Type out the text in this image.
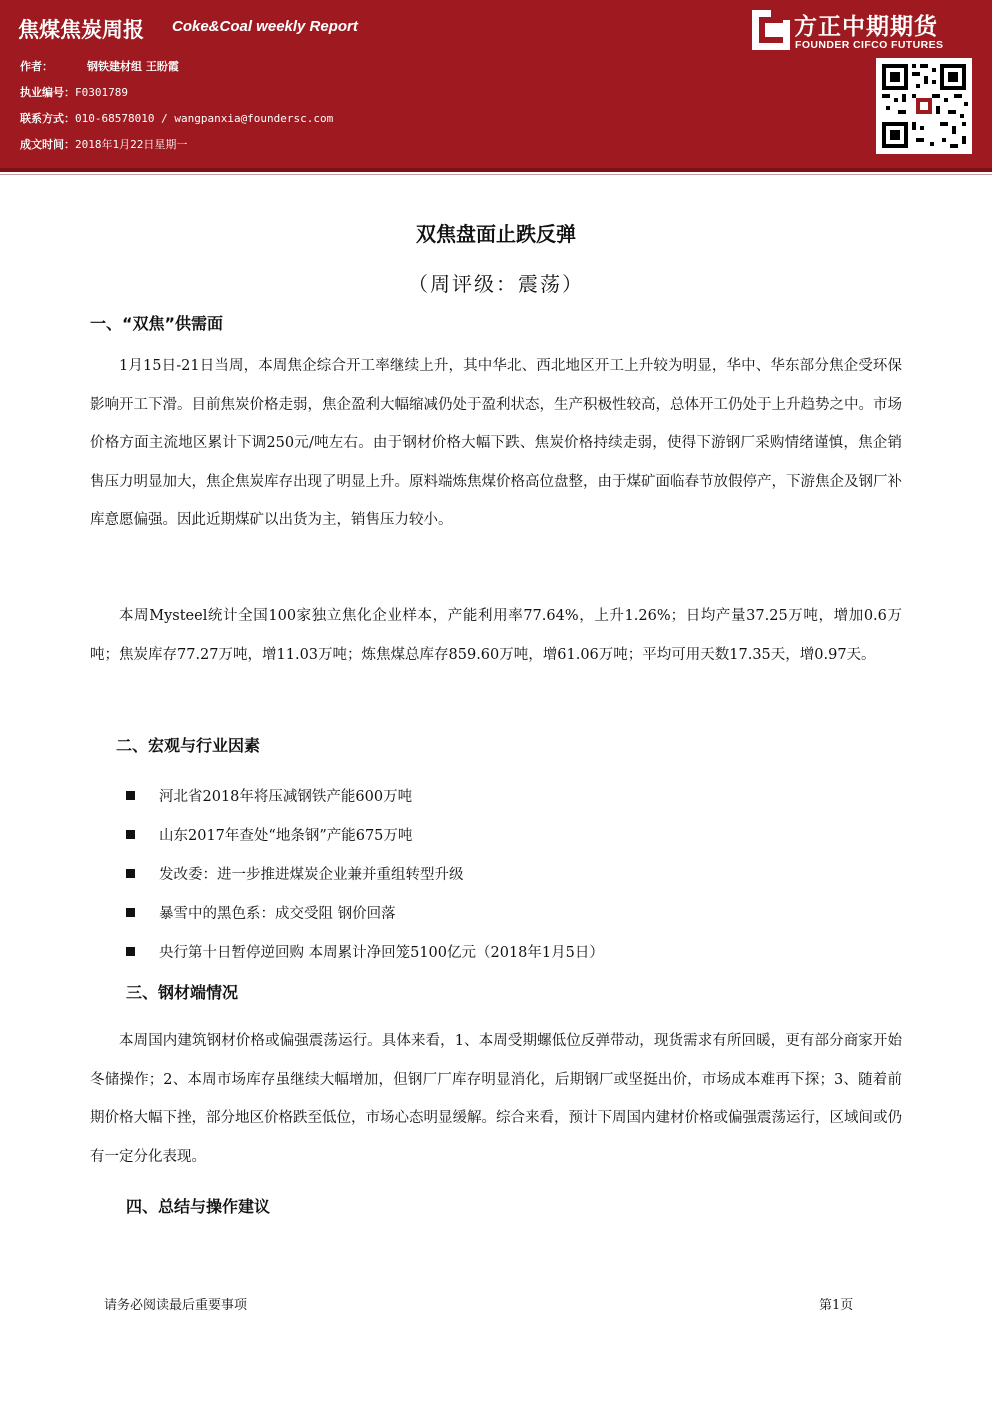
焦煤焦炭周报 Coke&Coal weekly Report
作者：	钢铁建材组 王盼霞
执业编号：F0301789
联系方式：010-68578010 / wangpanxia@foundersc.com
成文时间：2018年1月22日星期一
方正中期期货
FOUNDER CIFCO FUTURES
双焦盘面止跌反弹
（周评级：震荡）
一、“双焦”供需面
1月15日-21日当周，本周焦企综合开工率继续上升，其中华北、西北地区开工上升较为明显，华中、华东部分焦企受环保影响开工下滑。目前焦炭价格走弱，焦企盈利大幅缩减仍处于盈利状态，生产积极性较高，总体开工仍处于上升趋势之中。市场价格方面主流地区累计下调250元/吨左右。由于钢材价格大幅下跌、焦炭价格持续走弱，使得下游钢厂采购情绪谨慎，焦企销售压力明显加大，焦企焦炭库存出现了明显上升。原料端炼焦煤价格高位盘整，由于煤矿面临春节放假停产，下游焦企及钢厂补库意愿偏强。因此近期煤矿以出货为主，销售压力较小。
本周Mysteel统计全国100家独立焦化企业样本，产能利用率77.64%，上升1.26%；日均产量37.25万吨，增加0.6万吨；焦炭库存77.27万吨，增11.03万吨；炼焦煤总库存859.60万吨，增61.06万吨；平均可用天数17.35天，增0.97天。
二、宏观与行业因素
河北省2018年将压减钢铁产能600万吨
山东2017年查处“地条钢”产能675万吨
发改委：进一步推进煤炭企业兼并重组转型升级
暴雪中的黑色系：成交受阻 钢价回落
央行第十日暂停逆回购 本周累计净回笼5100亿元（2018年1月5日）
三、钢材端情况
本周国内建筑钢材价格或偏强震荡运行。具体来看，1、本周受期螺低位反弹带动，现货需求有所回暖，更有部分商家开始冬储操作；2、本周市场库存虽继续大幅增加，但钢厂厂库存明显消化，后期钢厂或坚挺出价，市场成本难再下探；3、随着前期价格大幅下挫，部分地区价格跌至低位，市场心态明显缓解。综合来看，预计下周国内建材价格或偏强震荡运行，区域间或仍有一定分化表现。
四、总结与操作建议
请务必阅读最后重要事项	第1页
